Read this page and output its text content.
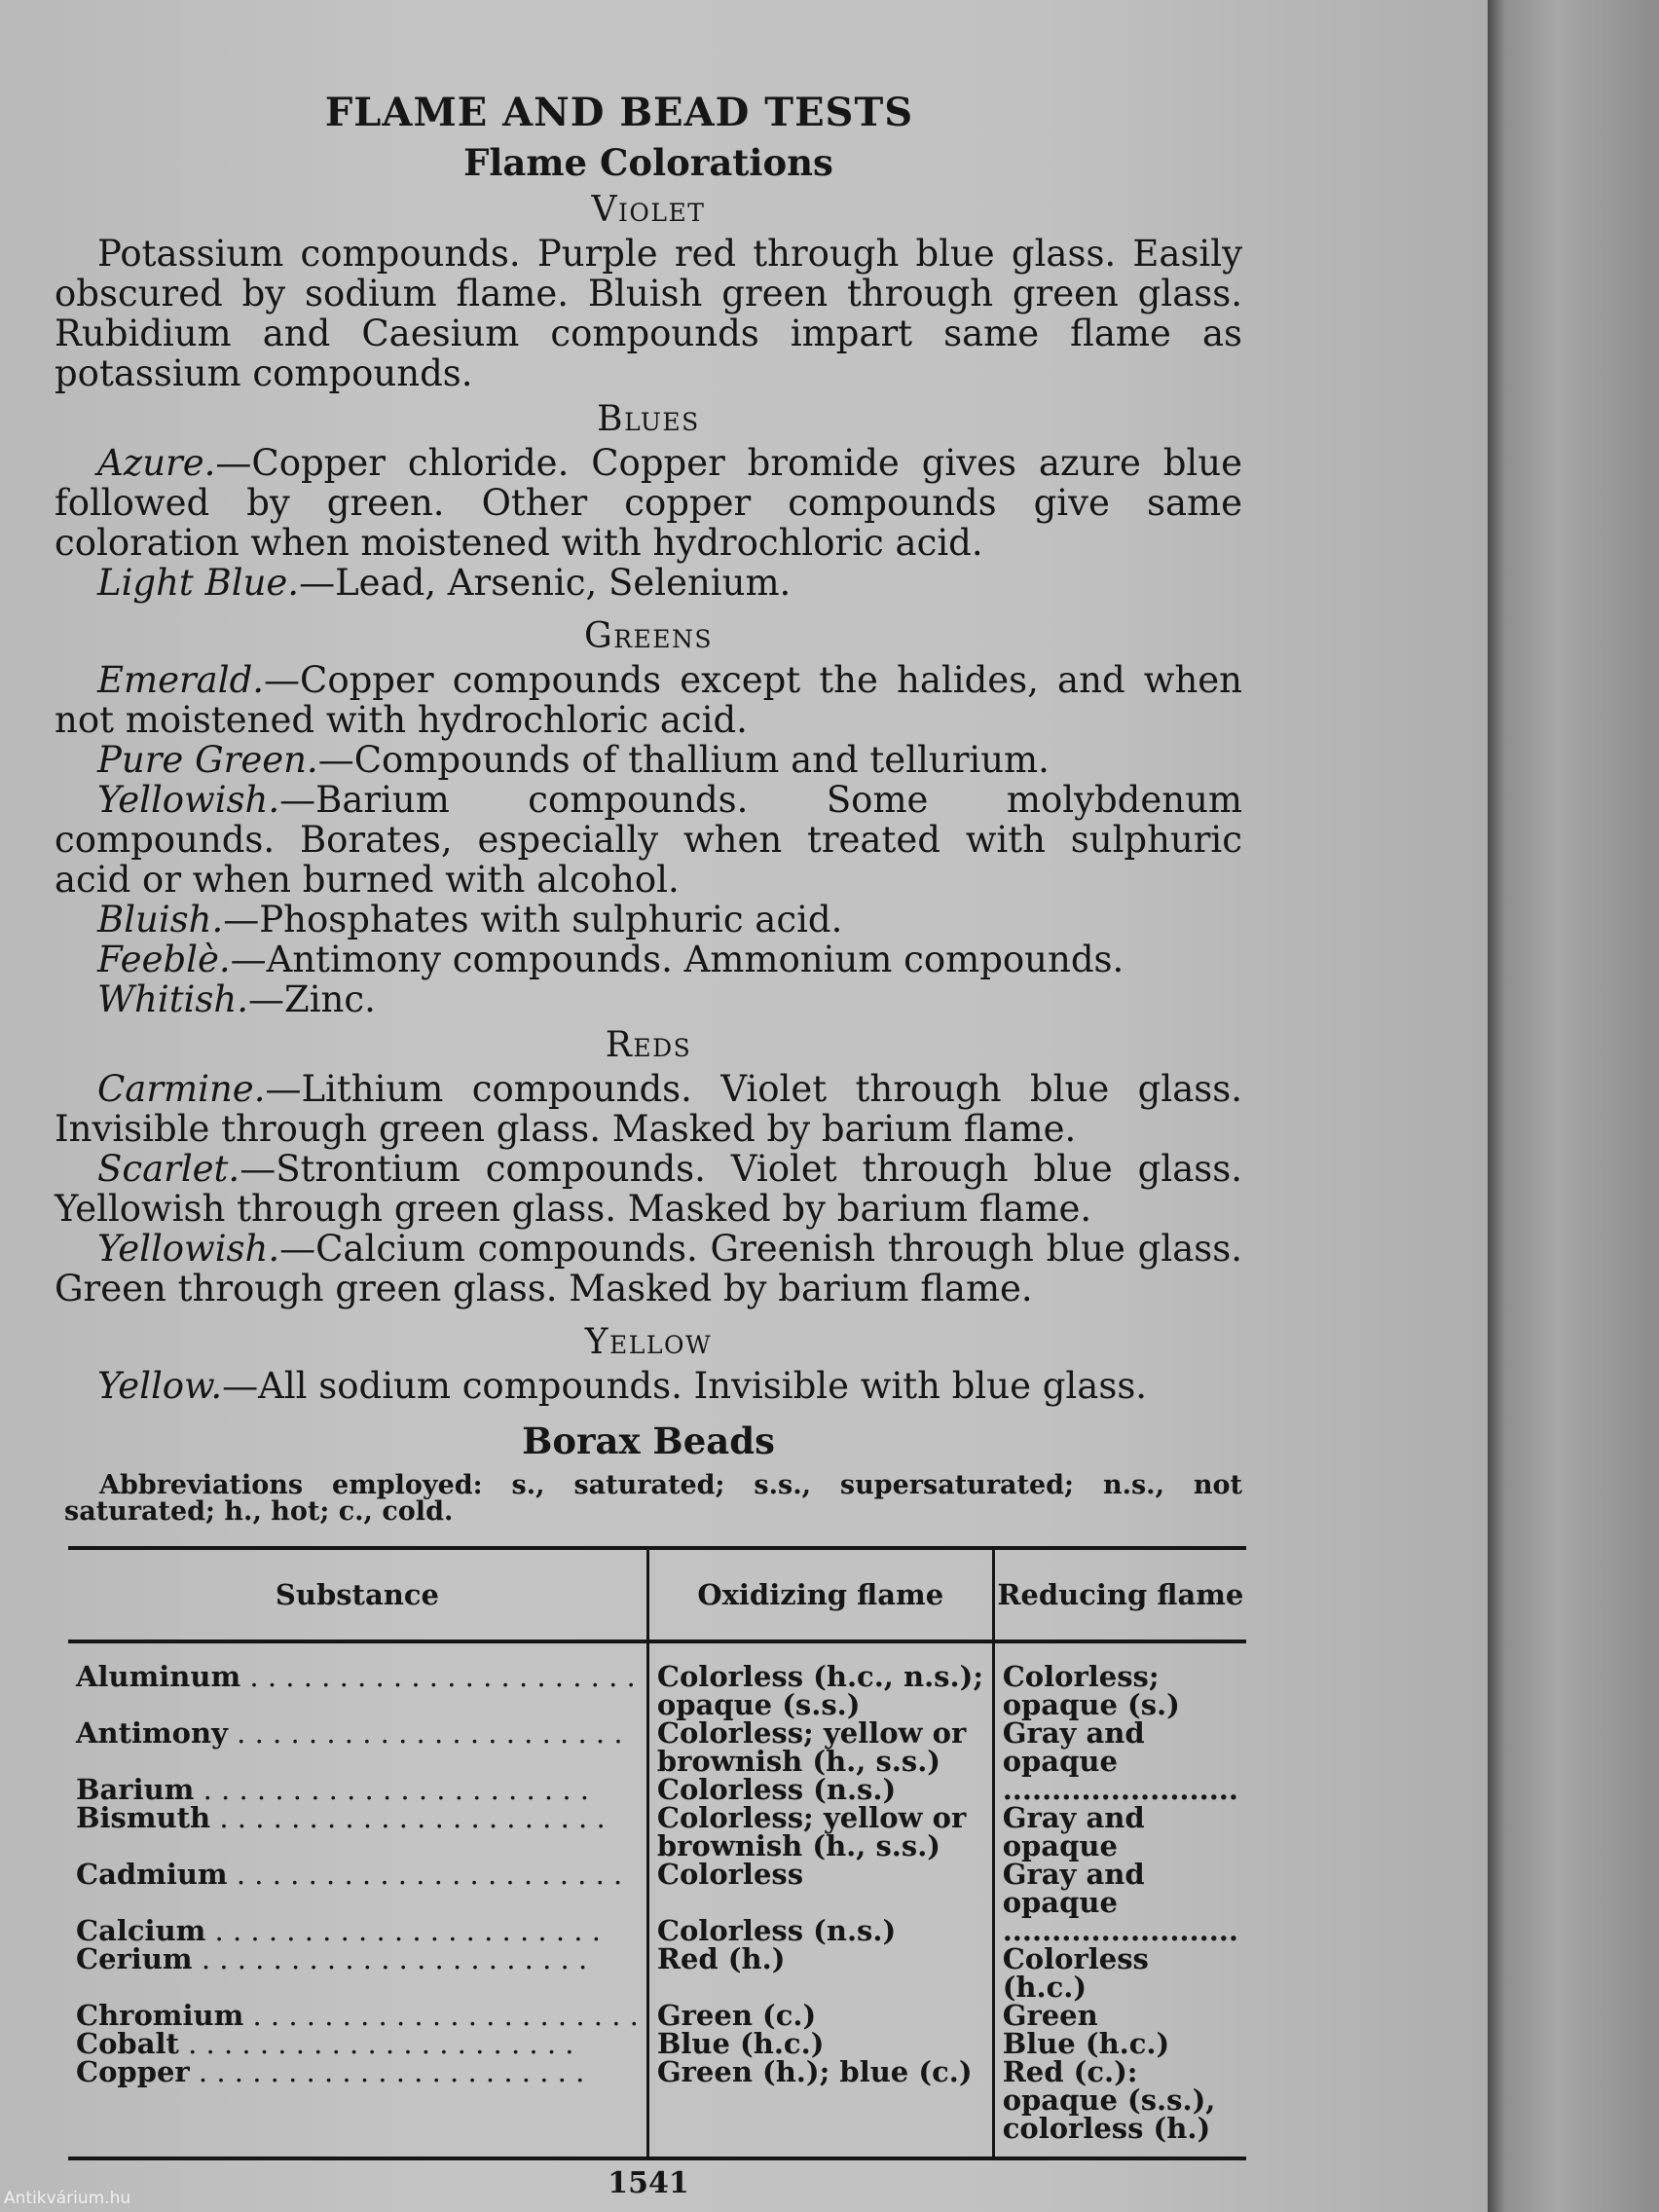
FLAME AND BEAD TESTS
Flame Colorations
Violet

Potassium compounds. Purple red through blue glass. Easily obscured by sodium flame. Bluish green through green glass. Rubidium and Caesium compounds impart same flame as potassium compounds.

Blues

Azure.—Copper chloride. Copper bromide gives azure blue followed by green. Other copper compounds give same coloration when moistened with hydrochloric acid.

Light Blue.—Lead, Arsenic, Selenium.

Greens

Emerald.—Copper compounds except the halides, and when not moistened with hydrochloric acid.

Pure Green.—Compounds of thallium and tellurium.

Yellowish.—Barium compounds. Some molybdenum compounds. Borates, especially when treated with sulphuric acid or when burned with alcohol.

Bluish.—Phosphates with sulphuric acid.

Feeblè.—Antimony compounds. Ammonium compounds.

Whitish.—Zinc.

Reds

Carmine.—Lithium compounds. Violet through blue glass. Invisible through green glass. Masked by barium flame.

Scarlet.—Strontium compounds. Violet through blue glass. Yellowish through green glass. Masked by barium flame.

Yellowish.—Calcium compounds. Greenish through blue glass. Green through green glass. Masked by barium flame.

Yellow

Yellow.—All sodium compounds. Invisible with blue glass.

Borax Beads
Abbreviations employed: s., saturated; s.s., supersaturated; n.s., not saturated; h., hot; c., cold.
Substance	Oxidizing flame	Reducing flame
Aluminum . . .	Colorless (h.c., n.s.); opaque (s.s.)	Colorless; opaque (s.)
Antimony . . .	Colorless; yellow or brownish (h., s.s.)	Gray and opaque
Barium . . .	Colorless (n.s.)	........................
Bismuth . . .	Colorless; yellow or brownish (h., s.s.)	Gray and opaque
Cadmium . . .	Colorless	Gray and opaque
Calcium . . .	Colorless (n.s.)	........................
Cerium . . .	Red (h.)	Colorless (h.c.)
Chromium . . .	Green (c.)	Green
Cobalt . . .	Blue (h.c.)	Blue (h.c.)
Copper . . .	Green (h.); blue (c.)	Red (c.): opaque (s.s.), colorless (h.)
1541
Antikvárium.hu
